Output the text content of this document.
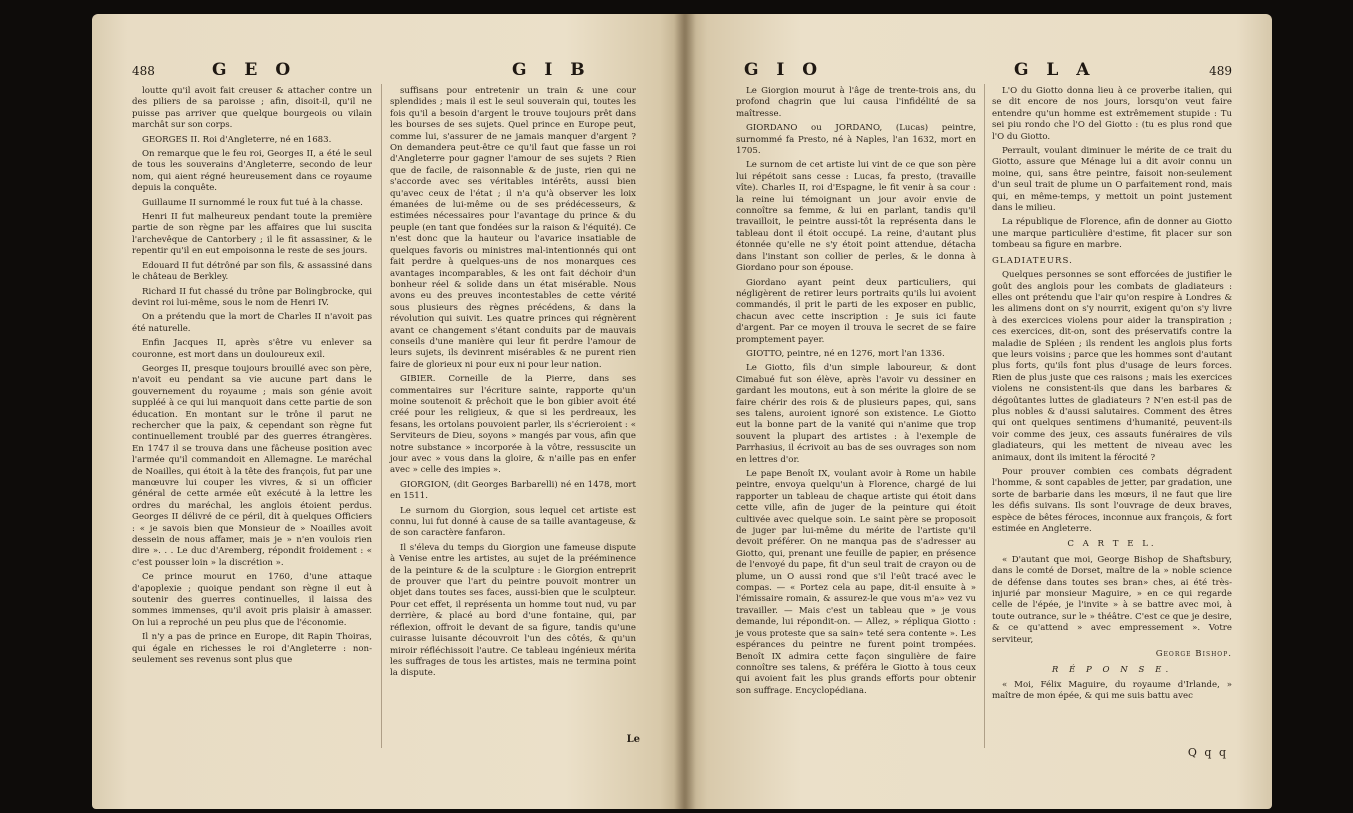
488	G E O	G I B

loutte qu'il avoit fait creuser & attacher contre un des piliers de sa paroisse ; afin, disoit-il, qu'il ne puisse pas arriver que quelque bourgeois ou vilain marchât sur son corps.

GEORGES II. Roi d'Angleterre, né en 1683.

On remarque que le feu roi, Georges II, a été le seul de tous les souverains d'Angleterre, secondo de leur nom, qui aient régné heureusement dans ce royaume depuis la conquête.

Guillaume II surnommé le roux fut tué à la chasse.

Henri II fut malheureux pendant toute la première partie de son règne par les affaires que lui suscita l'archevêque de Cantorbery ; il le fit assassiner, & le repentir qu'il en eut empoisonna le reste de ses jours.

Edouard II fut détrôné par son fils, & assassiné dans le château de Berkley.

Richard II fut chassé du trône par Bolingbrocke, qui devint roi lui-même, sous le nom de Henri IV.

On a prétendu que la mort de Charles II n'avoit pas été naturelle.

Enfin Jacques II, après s'être vu enlever sa couronne, est mort dans un douloureux exil.

Georges II, presque toujours brouillé avec son père, n'avoit eu pendant sa vie aucune part dans le gouvernement du royaume ; mais son génie avoit suppléé à ce qui lui manquoit dans cette partie de son éducation. En montant sur le trône il parut ne rechercher que la paix, & cependant son règne fut continuellement troublé par des guerres étrangères. En 1747 il se trouva dans une fâcheuse position avec l'armée qu'il commandoit en Allemagne. Le maréchal de Noailles, qui étoit à la tête des françois, fut par une manœuvre lui couper les vivres, & si un officier général de cette armée eût exécuté à la lettre les ordres du maréchal, les anglois étoient perdus. Georges II délivré de ce péril, dit à quelques Officiers : « je savois bien que Monsieur de » Noailles avoit dessein de nous affamer, mais je » n'en voulois rien dire ». . . Le duc d'Aremberg, répondit froidement : « c'est pousser loin » la discrétion ».

Ce prince mourut en 1760, d'une attaque d'apoplexie ; quoique pendant son règne il eut à soutenir des guerres continuelles, il laissa des sommes immenses, qu'il avoit pris plaisir à amasser. On lui a reproché un peu plus que de l'économie.

Il n'y a pas de prince en Europe, dit Rapin Thoiras, qui égale en richesses le roi d'Angleterre : non-seulement ses revenus sont plus que

suffisans pour entretenir un train & une cour splendides ; mais il est le seul souverain qui, toutes les fois qu'il a besoin d'argent le trouve toujours prêt dans les bourses de ses sujets. Quel prince en Europe peut, comme lui, s'assurer de ne jamais manquer d'argent ? On demandera peut-être ce qu'il faut que fasse un roi d'Angleterre pour gagner l'amour de ses sujets ? Rien que de facile, de raisonnable & de juste, rien qui ne s'accorde avec ses véritables intérêts, aussi bien qu'avec ceux de l'état ; il n'a qu'à observer les loix émanées de lui-même ou de ses prédécesseurs, & estimées nécessaires pour l'avantage du prince & du peuple (en tant que fondées sur la raison & l'équité). Ce n'est donc que la hauteur ou l'avarice insatiable de quelques favoris ou ministres mal-intentionnés qui ont fait perdre à quelques-uns de nos monarques ces avantages incomparables, & les ont fait déchoir d'un bonheur réel & solide dans un état misérable. Nous avons eu des preuves incontestables de cette vérité sous plusieurs des règnes précédens, & dans la révolution qui suivit. Les quatre princes qui régnèrent avant ce changement s'étant conduits par de mauvais conseils d'une manière qui leur fit perdre l'amour de leurs sujets, ils devinrent misérables & ne purent rien faire de glorieux ni pour eux ni pour leur nation.

GIBIER. Corneille de la Pierre, dans ses commentaires sur l'écriture sainte, rapporte qu'un moine soutenoit & prêchoit que le bon gibier avoit été créé pour les religieux, & que si les perdreaux, les fesans, les ortolans pouvoient parler, ils s'écrieroient : « Serviteurs de Dieu, soyons » mangés par vous, afin que notre substance » incorporée à la vôtre, ressuscite un jour avec » vous dans la gloire, & n'aille pas en enfer avec » celle des impies ».

GIORGION, (dit Georges Barbarelli) né en 1478, mort en 1511.

Le surnom du Giorgion, sous lequel cet artiste est connu, lui fut donné à cause de sa taille avantageuse, & de son caractère fanfaron.

Il s'éleva du temps du Giorgion une fameuse dispute à Venise entre les artistes, au sujet de la prééminence de la peinture & de la sculpture : le Giorgion entreprit de prouver que l'art du peintre pouvoit montrer un objet dans toutes ses faces, aussi-bien que le sculpteur. Pour cet effet, il représenta un homme tout nud, vu par derrière, & placé au bord d'une fontaine, qui, par réflexion, offroit le devant de sa figure, tandis qu'une cuirasse luisante découvroit l'un des côtés, & qu'un miroir réfléchissoit l'autre. Ce tableau ingénieux mérita les suffrages de tous les artistes, mais ne termina point la dispute.

Le
G I O	G L A	489

Le Giorgion mourut à l'âge de trente-trois ans, du profond chagrin que lui causa l'infidélité de sa maîtresse.

GIORDANO ou JORDANO, (Lucas) peintre, surnommé fa Presto, né à Naples, l'an 1632, mort en 1705.

Le surnom de cet artiste lui vint de ce que son père lui répétoit sans cesse : Lucas, fa presto, (travaille vîte). Charles II, roi d'Espagne, le fit venir à sa cour : la reine lui témoignant un jour avoir envie de connoître sa femme, & lui en parlant, tandis qu'il travailloit, le peintre aussi-tôt la représenta dans le tableau dont il étoit occupé. La reine, d'autant plus étonnée qu'elle ne s'y étoit point attendue, détacha dans l'instant son collier de perles, & le donna à Giordano pour son épouse.

Giordano ayant peint deux particuliers, qui négligèrent de retirer leurs portraits qu'ils lui avoient commandés, il prit le parti de les exposer en public, chacun avec cette inscription : Je suis ici faute d'argent. Par ce moyen il trouva le secret de se faire promptement payer.

GIOTTO, peintre, né en 1276, mort l'an 1336.

Le Giotto, fils d'un simple laboureur, & dont Cimabué fut son élève, après l'avoir vu dessiner en gardant les moutons, eut à son mérite la gloire de se faire chérir des rois & de plusieurs papes, qui, sans ses talens, auroient ignoré son existence. Le Giotto eut la bonne part de la vanité qui n'anime que trop souvent la plupart des artistes : à l'exemple de Parrhasius, il écrivoit au bas de ses ouvrages son nom en lettres d'or.

Le pape Benoît IX, voulant avoir à Rome un habile peintre, envoya quelqu'un à Florence, chargé de lui rapporter un tableau de chaque artiste qui étoit dans cette ville, afin de juger de la peinture qui étoit cultivée avec quelque soin. Le saint père se proposoit de juger par lui-même du mérite de l'artiste qu'il devoit préférer. On ne manqua pas de s'adresser au Giotto, qui, prenant une feuille de papier, en présence de l'envoyé du pape, fit d'un seul trait de crayon ou de plume, un O aussi rond que s'il l'eût tracé avec le compas. — « Portez cela au pape, dit-il ensuite à » l'émissaire romain, & assurez-le que vous m'a» vez vu travailler. — Mais c'est un tableau que » je vous demande, lui répondit-on. — Allez, » répliqua Giotto : je vous proteste que sa sain» teté sera contente ». Les espérances du peintre ne furent point trompées. Benoît IX admira cette façon singulière de faire connoître ses talens, & préféra le Giotto à tous ceux qui avoient fait les plus grands efforts pour obtenir son suffrage. Encyclopédiana.

L'O du Giotto donna lieu à ce proverbe italien, qui se dit encore de nos jours, lorsqu'on veut faire entendre qu'un homme est extrêmement stupide : Tu sei piu rondo che l'O del Giotto : (tu es plus rond que l'O du Giotto.

Perrault, voulant diminuer le mérite de ce trait du Giotto, assure que Ménage lui a dit avoir connu un moine, qui, sans être peintre, faisoit non-seulement d'un seul trait de plume un O parfaitement rond, mais qui, en même-temps, y mettoit un point justement dans le milieu.

La république de Florence, afin de donner au Giotto une marque particulière d'estime, fit placer sur son tombeau sa figure en marbre.

GLADIATEURS.

Quelques personnes se sont efforcées de justifier le goût des anglois pour les combats de gladiateurs : elles ont prétendu que l'air qu'on respire à Londres & les alimens dont on s'y nourrit, exigent qu'on s'y livre à des exercices violens pour aider la transpiration ; ces exercices, dit-on, sont des préservatifs contre la maladie de Spléen ; ils rendent les anglois plus forts que leurs voisins ; parce que les hommes sont d'autant plus forts, qu'ils font plus d'usage de leurs forces. Rien de plus juste que ces raisons ; mais les exercices violens ne consistent-ils que dans les barbares & dégoûtantes luttes de gladiateurs ? N'en est-il pas de plus nobles & d'aussi salutaires. Comment des êtres qui ont quelques sentimens d'humanité, peuvent-ils voir comme des jeux, ces assauts funéraires de vils gladiateurs, qui les mettent de niveau avec les animaux, dont ils imitent la férocité ?

Pour prouver combien ces combats dégradent l'homme, & sont capables de jetter, par gradation, une sorte de barbarie dans les mœurs, il ne faut que lire les défis suivans. Ils sont l'ouvrage de deux braves, espèce de bêtes féroces, inconnue aux françois, & fort estimée en Angleterre.

C A R T E L.

« D'autant que moi, George Bishop de Shaftsbury, dans le comté de Dorset, maître de la » noble science de défense dans toutes ses bran» ches, ai été très-injurié par monsieur Maguire, » en ce qui regarde celle de l'épée, je l'invite » à se battre avec moi, à toute outrance, sur le » théâtre. C'est ce que je desire, & ce qu'attend » avec empressement ». Votre serviteur,

George Bishop.

R É P O N S E.

« Moi, Félix Maguire, du royaume d'Irlande, » maître de mon épée, & qui me suis battu avec

Q q q
